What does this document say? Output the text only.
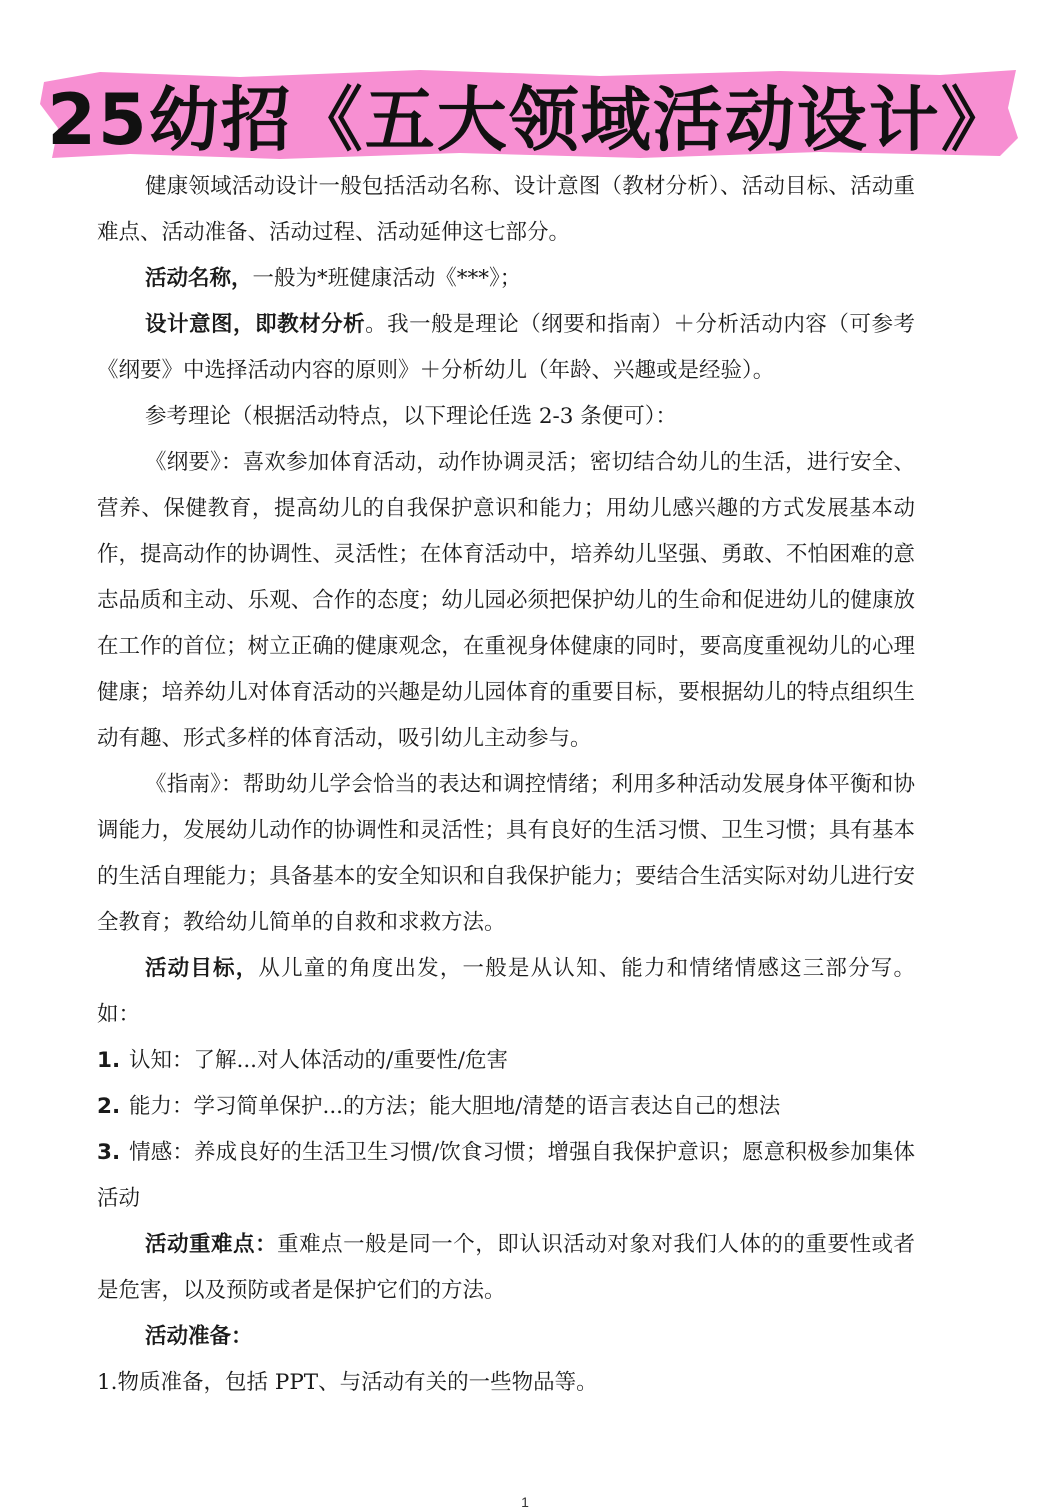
25幼招《五大领域活动设计》

健康领域活动设计一般包括活动名称、设计意图（教材分析）、活动目标、活动重难点、活动准备、活动过程、活动延伸这七部分。

活动名称，一般为*班健康活动《***》；

设计意图，即教材分析。我一般是理论（纲要和指南）＋分析活动内容（可参考《纲要》中选择活动内容的原则》＋分析幼儿（年龄、兴趣或是经验）。

参考理论（根据活动特点，以下理论任选 2-3 条便可）：

《纲要》：喜欢参加体育活动，动作协调灵活；密切结合幼儿的生活，进行安全、营养、保健教育，提高幼儿的自我保护意识和能力；用幼儿感兴趣的方式发展基本动作，提高动作的协调性、灵活性；在体育活动中，培养幼儿坚强、勇敢、不怕困难的意志品质和主动、乐观、合作的态度；幼儿园必须把保护幼儿的生命和促进幼儿的健康放在工作的首位；树立正确的健康观念，在重视身体健康的同时，要高度重视幼儿的心理健康；培养幼儿对体育活动的兴趣是幼儿园体育的重要目标，要根据幼儿的特点组织生动有趣、形式多样的体育活动，吸引幼儿主动参与。

《指南》：帮助幼儿学会恰当的表达和调控情绪；利用多种活动发展身体平衡和协调能力，发展幼儿动作的协调性和灵活性；具有良好的生活习惯、卫生习惯；具有基本的生活自理能力；具备基本的安全知识和自我保护能力；要结合生活实际对幼儿进行安全教育；教给幼儿简单的自救和求救方法。

活动目标，从儿童的角度出发，一般是从认知、能力和情绪情感这三部分写。如：

1. 认知：了解...对人体活动的/重要性/危害

2. 能力：学习简单保护...的方法；能大胆地/清楚的语言表达自己的想法

3. 情感：养成良好的生活卫生习惯/饮食习惯；增强自我保护意识；愿意积极参加集体活动

活动重难点：重难点一般是同一个，即认识活动对象对我们人体的的重要性或者是危害，以及预防或者是保护它们的方法。

活动准备：

1.物质准备，包括 PPT、与活动有关的一些物品等。

1
